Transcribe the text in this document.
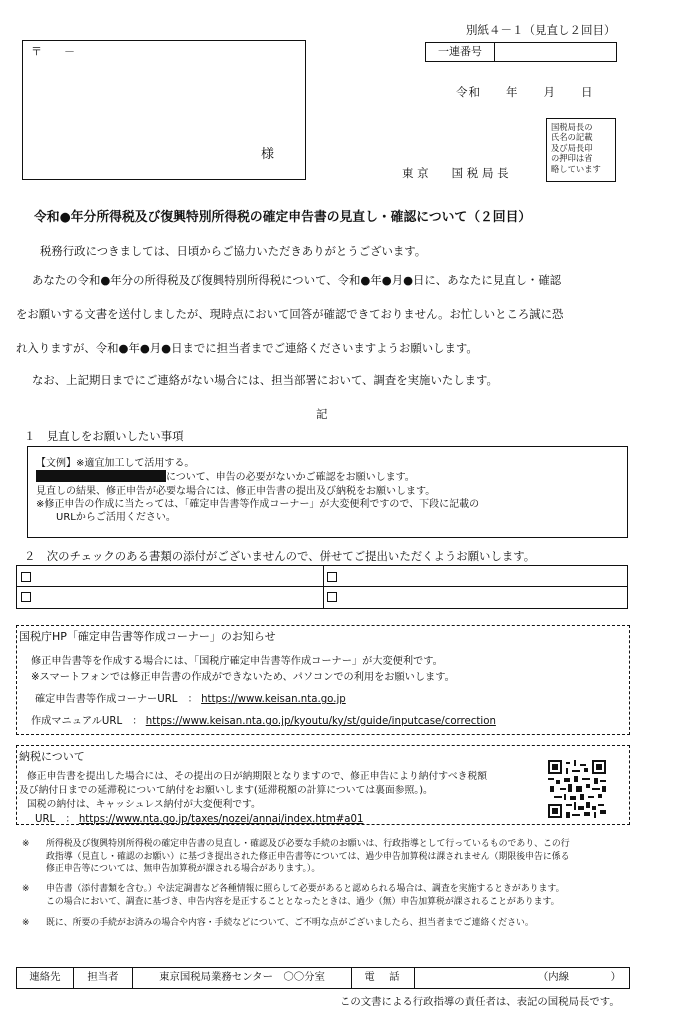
別紙４－１（見直し２回目）
〒　　－
様
一連番号
令和　　年　　月　　日
東 京　　国 税 局 長
国税局長の
氏名の記載
及び局長印
の押印は省
略しています
令和●年分所得税及び復興特別所得税の確定申告書の見直し・確認について（２回目）
税務行政につきましては、日頃からご協力いただきありがとうございます。
あなたの令和●年分の所得税及び復興特別所得税について、令和●年●月●日に、あなたに見直し・確認
をお願いする文書を送付しましたが、現時点において回答が確認できておりません。お忙しいところ誠に恐
れ入りますが、令和●年●月●日までに担当者までご連絡くださいますようお願いします。
なお、上記期日までにご連絡がない場合には、担当部署において、調査を実施いたします。
記
１　見直しをお願いしたい事項
【文例】※適宜加工して活用する。
について、申告の必要がないかご確認をお願いします。
見直しの結果、修正申告が必要な場合には、修正申告書の提出及び納税をお願いします。
※修正申告の作成に当たっては、「確定申告書等作成コーナー」が大変便利ですので、下段に記載の
URLからご活用ください。
２　次のチェックのある書類の添付がございませんので、併せてご提出いただくようお願いします。
国税庁HP「確定申告書等作成コーナー」のお知らせ
修正申告書等を作成する場合には、「国税庁確定申告書等作成コーナー」が大変便利です。
※スマートフォンでは修正申告書の作成ができないため、パソコンでの利用をお願いします。
確定申告書等作成コーナーURL　： https://www.keisan.nta.go.jp
作成マニュアルURL　： https://www.keisan.nta.go.jp/kyoutu/ky/st/guide/inputcase/correction
納税について
修正申告書を提出した場合には、その提出の日が納期限となりますので、修正申告により納付すべき税額
及び納付日までの延滞税について納付をお願いします(延滞税額の計算については裏面参照。)。
国税の納付は、キャッシュレス納付が大変便利です。
URL　： https://www.nta.go.jp/taxes/nozei/annai/index.htm#a01
※ 所得税及び復興特別所得税の確定申告書の見直し・確認及び必要な手続のお願いは、行政指導として行っているものであり、この行
政指導（見直し・確認のお願い）に基づき提出された修正申告書等については、過少申告加算税は課されません（期限後申告に係る
修正申告等については、無申告加算税が課される場合があります。）。
※ 申告書（添付書類を含む。）や法定調書など各種情報に照らして必要があると認められる場合は、調査を実施するときがあります。
この場合において、調査に基づき、申告内容を是正することとなったときは、過少（無）申告加算税が課されることがあります。
※ 既に、所要の手続がお済みの場合や内容・手続などについて、ご不明な点がございましたら、担当者までご連絡ください。
連絡先	担当者	東京国税局業務センター　〇〇分室	電　話	（内線　　　　）
この文書による行政指導の責任者は、表記の国税局長です。
